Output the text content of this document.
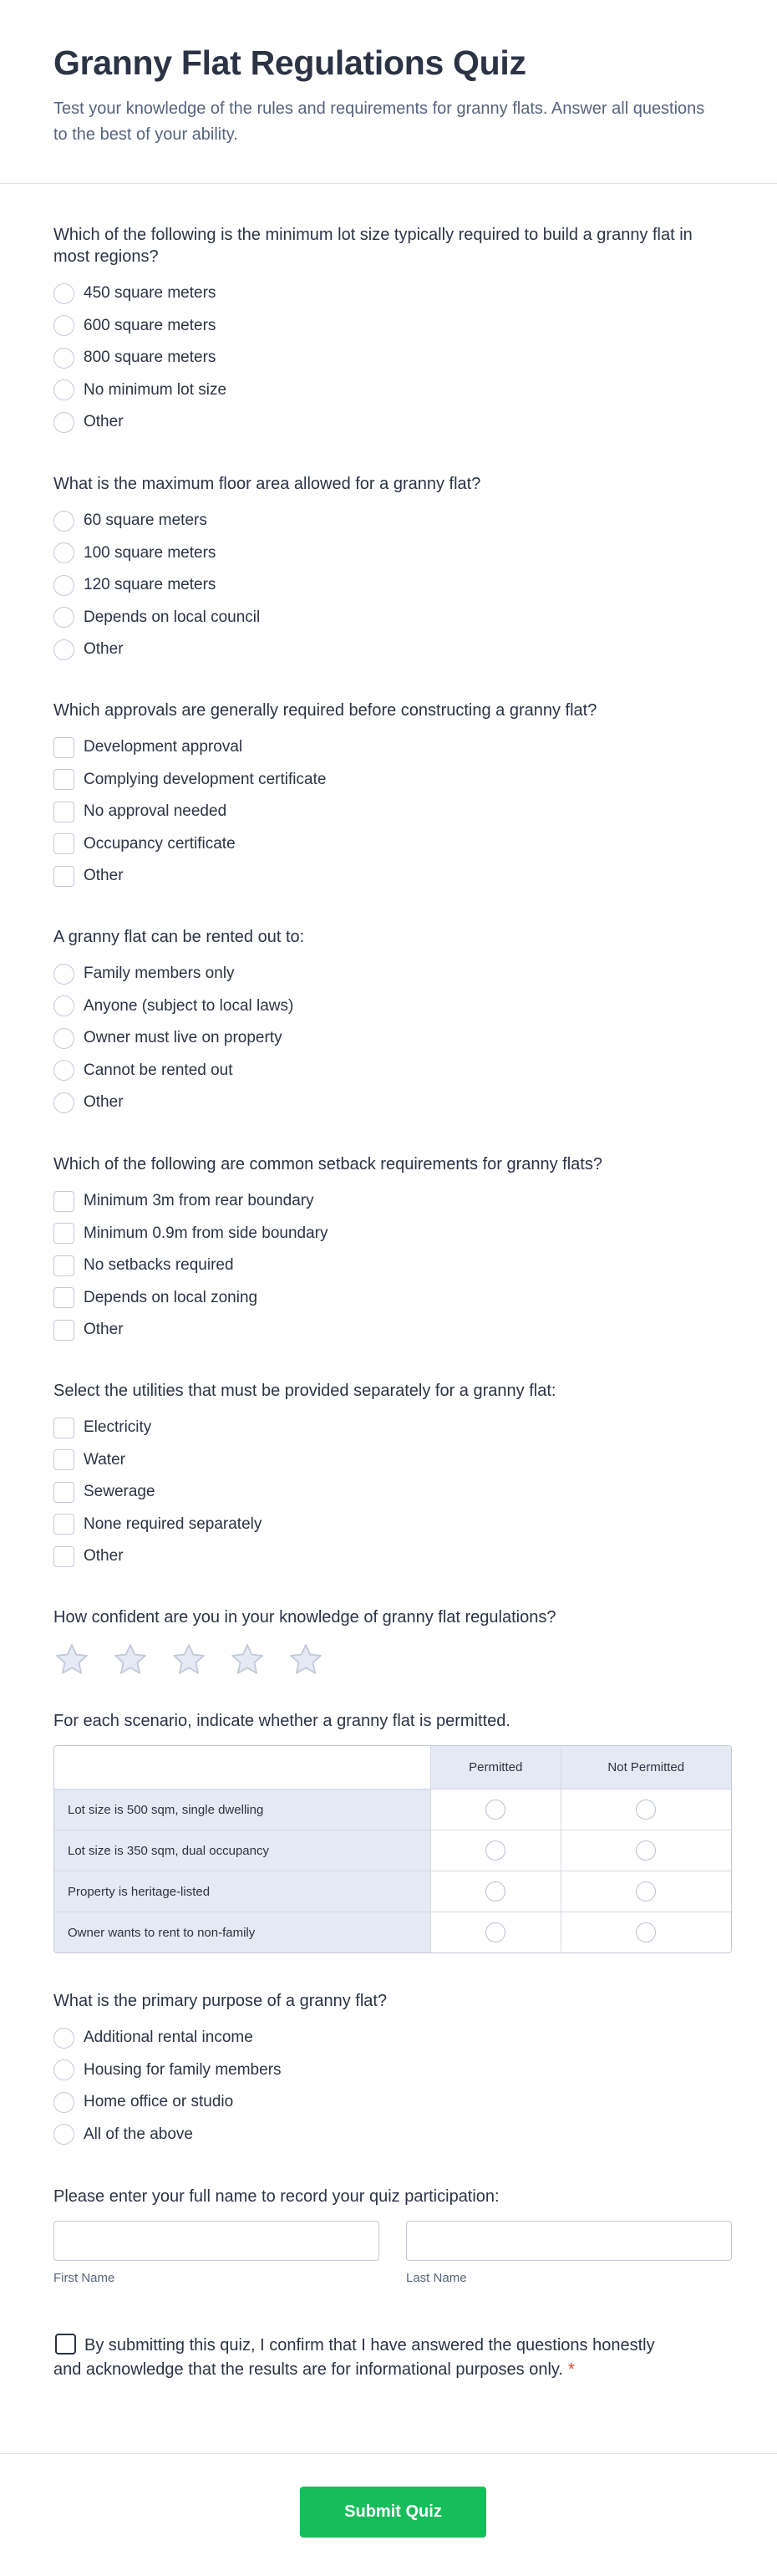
Granny Flat Regulations Quiz

Test your knowledge of the rules and requirements for granny flats. Answer all questions to the best of your ability.

Which of the following is the minimum lot size typically required to build a granny flat in most regions?
450 square meters
600 square meters
800 square meters
No minimum lot size
Other
What is the maximum floor area allowed for a granny flat?
60 square meters
100 square meters
120 square meters
Depends on local council
Other
Which approvals are generally required before constructing a granny flat?
Development approval
Complying development certificate
No approval needed
Occupancy certificate
Other
A granny flat can be rented out to:
Family members only
Anyone (subject to local laws)
Owner must live on property
Cannot be rented out
Other
Which of the following are common setback requirements for granny flats?
Minimum 3m from rear boundary
Minimum 0.9m from side boundary
No setbacks required
Depends on local zoning
Other
Select the utilities that must be provided separately for a granny flat:
Electricity
Water
Sewerage
None required separately
Other
How confident are you in your knowledge of granny flat regulations?
For each scenario, indicate whether a granny flat is permitted.
Permitted	Not Permitted
Lot size is 500 sqm, single dwelling
Lot size is 350 sqm, dual occupancy
Property is heritage-listed
Owner wants to rent to non-family
What is the primary purpose of a granny flat?
Additional rental income
Housing for family members
Home office or studio
All of the above
Please enter your full name to record your quiz participation:
First Name	Last Name
By submitting this quiz, I confirm that I have answered the questions honestly and acknowledge that the results are for informational purposes only. *
Submit Quiz
